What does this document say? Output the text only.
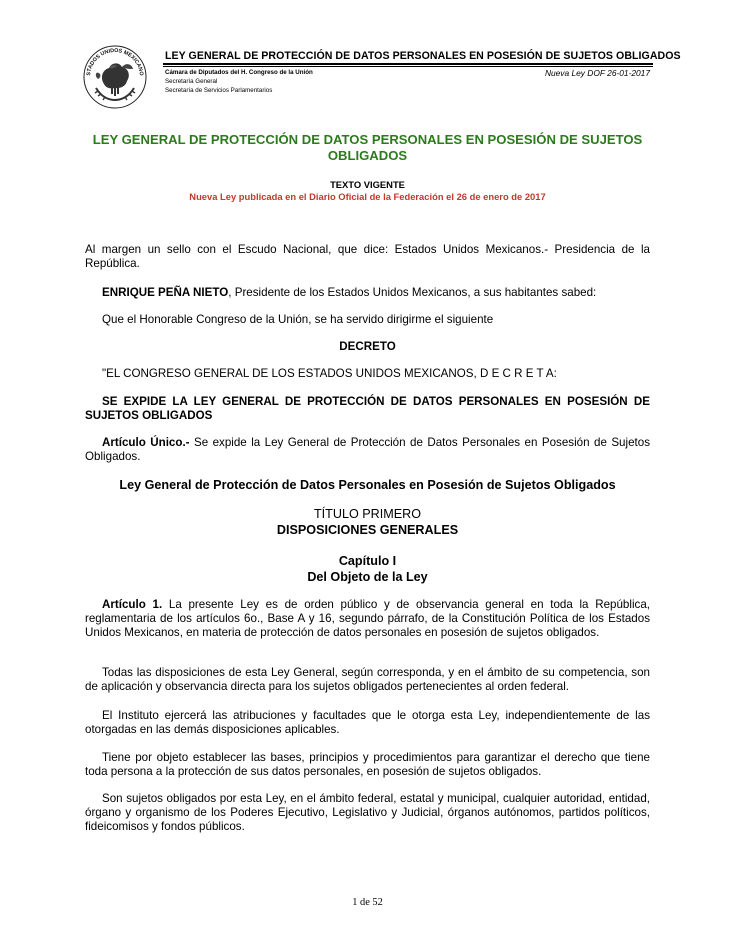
STADOS UNIDOS MEXICANO
LEY GENERAL DE PROTECCIÓN DE DATOS PERSONALES EN POSESIÓN DE SUJETOS OBLIGADOS
Cámara de Diputados del H. Congreso de la Unión
Secretaría General
Secretaría de Servicios Parlamentarios
Nueva Ley DOF 26-01-2017
LEY GENERAL DE PROTECCIÓN DE DATOS PERSONALES EN POSESIÓN DE SUJETOS OBLIGADOS
TEXTO VIGENTE
Nueva Ley publicada en el Diario Oficial de la Federación el 26 de enero de 2017
Al margen un sello con el Escudo Nacional, que dice: Estados Unidos Mexicanos.- Presidencia de la República.
ENRIQUE PEÑA NIETO, Presidente de los Estados Unidos Mexicanos, a sus habitantes sabed:
Que el Honorable Congreso de la Unión, se ha servido dirigirme el siguiente
DECRETO
"EL CONGRESO GENERAL DE LOS ESTADOS UNIDOS MEXICANOS, D E C R E T A:
SE EXPIDE LA LEY GENERAL DE PROTECCIÓN DE DATOS PERSONALES EN POSESIÓN DE SUJETOS OBLIGADOS
Artículo Único.- Se expide la Ley General de Protección de Datos Personales en Posesión de Sujetos Obligados.
Ley General de Protección de Datos Personales en Posesión de Sujetos Obligados
TÍTULO PRIMERO
DISPOSICIONES GENERALES
Capítulo I
Del Objeto de la Ley
Artículo 1. La presente Ley es de orden público y de observancia general en toda la República, reglamentaria de los artículos 6o., Base A y 16, segundo párrafo, de la Constitución Política de los Estados Unidos Mexicanos, en materia de protección de datos personales en posesión de sujetos obligados.
Todas las disposiciones de esta Ley General, según corresponda, y en el ámbito de su competencia, son de aplicación y observancia directa para los sujetos obligados pertenecientes al orden federal.
El Instituto ejercerá las atribuciones y facultades que le otorga esta Ley, independientemente de las otorgadas en las demás disposiciones aplicables.
Tiene por objeto establecer las bases, principios y procedimientos para garantizar el derecho que tiene toda persona a la protección de sus datos personales, en posesión de sujetos obligados.
Son sujetos obligados por esta Ley, en el ámbito federal, estatal y municipal, cualquier autoridad, entidad, órgano y organismo de los Poderes Ejecutivo, Legislativo y Judicial, órganos autónomos, partidos políticos, fideicomisos y fondos públicos.
1 de 52
